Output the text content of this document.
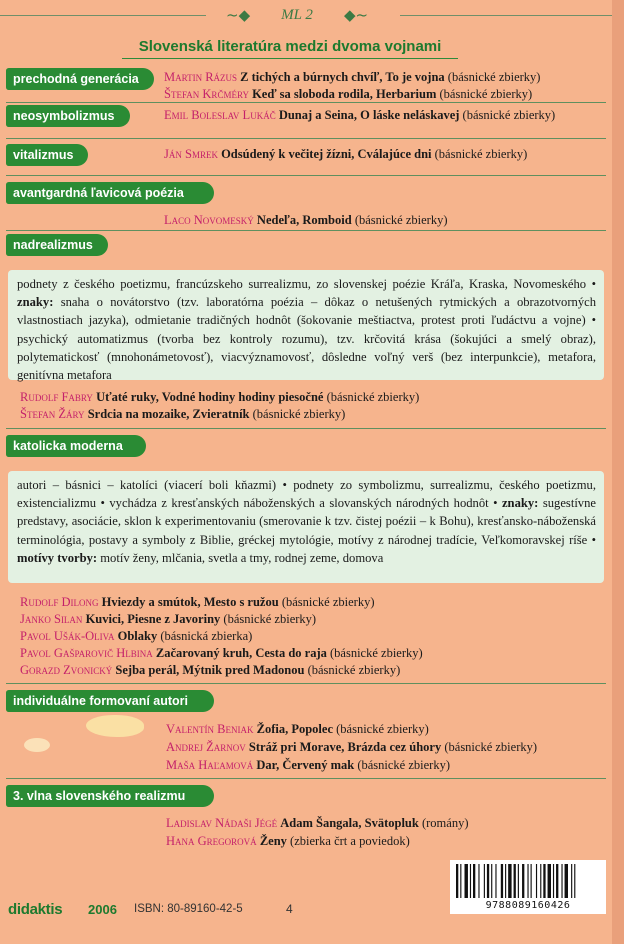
~◆	ML 2	◆~
Slovenská literatúra medzi dvoma vojnami
prechodná generácia	Martin Rázus Z tichých a búrnych chvíľ, To je vojna (básnické zbierky)
Štefan Krčméry Keď sa sloboda rodila, Herbarium (básnické zbierky)
neosymbolizmus	Emil Boleslav Lukáč Dunaj a Seina, O láske neláskavej (básnické zbierky)
vitalizmus	Ján Smrek Odsúdený k večitej žízni, Cválajúce dni (básnické zbierky)
avantgardná ľavicová poézia
Laco Novomeský Nedeľa, Romboid (básnické zbierky)
nadrealizmus
podnety z českého poetizmu, francúzskeho surrealizmu, zo slovenskej poézie Kráľa, Kraska, Novomeského • znaky: snaha o novátorstvo (tzv. laboratórna poézia – dôkaz o netušených rytmických a obrazotvorných vlastnostiach jazyka), odmietanie tradičných hodnôt (šokovanie meštiactva, protest proti ľudáctvu a vojne) • psychický automatizmus (tvorba bez kontroly rozumu), tzv. krčovitá krása (šokujúci a smelý obraz), polytematickosť (mnohonámetovosť), viacvýznamovosť, dôsledne voľný verš (bez interpunkcie), metafora, genitívna metafora
Rudolf Fabry Uťaté ruky, Vodné hodiny hodiny piesočné (básnické zbierky)
Štefan Žáry Srdcia na mozaike, Zvieratník (básnické zbierky)
katolicka moderna
autori – básnici – katolíci (viacerí boli kňazmi) • podnety zo symbolizmu, surrealizmu, českého poetizmu, existencializmu • vychádza z kresťanských náboženských a slovanských národných hodnôt • znaky: sugestívne predstavy, asociácie, sklon k experimentovaniu (smerovanie k tzv. čistej poézii – k Bohu), kresťansko-náboženská terminológia, postavy a symboly z Biblie, gréckej mytológie, motívy z národnej tradície, Veľkomoravskej ríše • motívy tvorby: motív ženy, mlčania, svetla a tmy, rodnej zeme, domova
Rudolf Dilong Hviezdy a smútok, Mesto s ružou (básnické zbierky)
Janko Silan Kuvici, Piesne z Javoriny (básnické zbierky)
Pavol Ušák-Oliva Oblaky (básnická zbierka)
Pavol Gašparovič Hlbina Začarovaný kruh, Cesta do raja (básnické zbierky)
Gorazd Zvonický Sejba perál, Mýtnik pred Madonou (básnické zbierky)
individuálne formovaní autori
Valentín Beniak Žofia, Popolec (básnické zbierky)
Andrej Žarnov Stráž pri Morave, Brázda cez úhory (básnické zbierky)
Maša Haľamová Dar, Červený mak (básnické zbierky)
3. vlna slovenského realizmu
Ladislav Nádaši Jégé Adam Šangala, Svätopluk (romány)
Hana Gregorová Ženy (zbierka črt a poviedok)
9788089160426
didaktis 2006 ISBN: 80-89160-42-5	4
